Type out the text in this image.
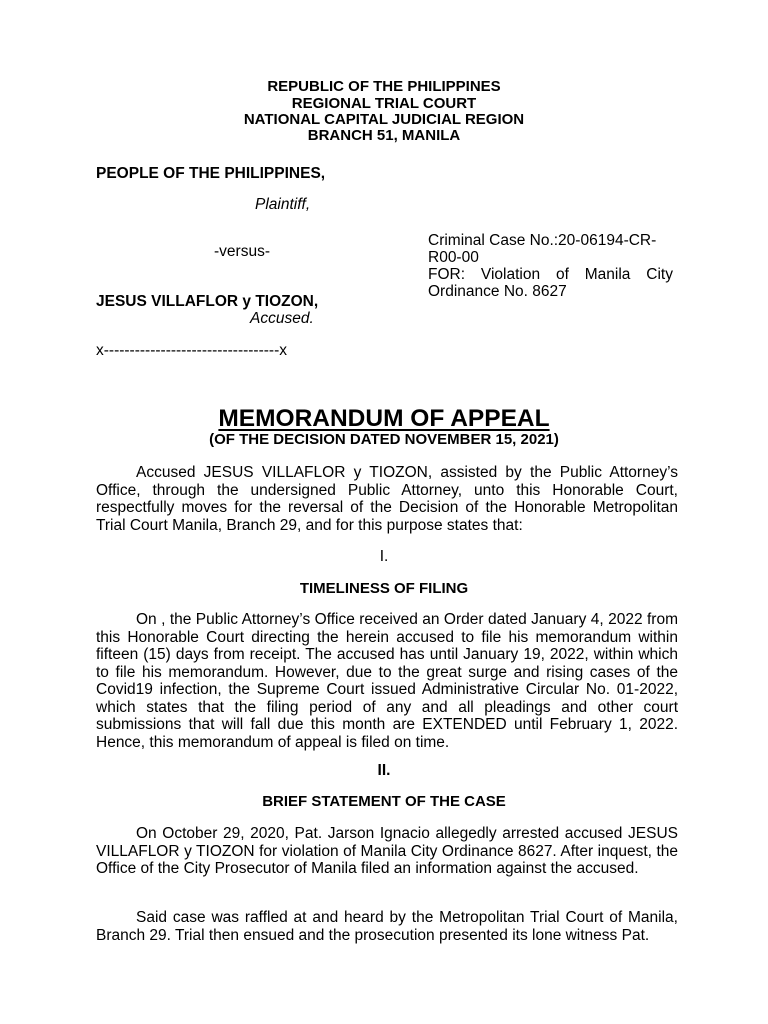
REPUBLIC OF THE PHILIPPINES
REGIONAL TRIAL COURT
NATIONAL CAPITAL JUDICIAL REGION
BRANCH 51, MANILA
PEOPLE OF THE PHILIPPINES,
Plaintiff,
-versus-
JESUS VILLAFLOR y TIOZON,
Accused.
x----------------------------------x
Criminal Case No.:20-06194-CR-
R00-00
FOR: Violation of Manila City
Ordinance No. 8627
MEMORANDUM OF APPEAL
(OF THE DECISION DATED NOVEMBER 15, 2021)
Accused JESUS VILLAFLOR y TIOZON, assisted by the Public Attorney’s Office, through the undersigned Public Attorney, unto this Honorable Court, respectfully moves for the reversal of the Decision of the Honorable Metropolitan Trial Court Manila, Branch 29, and for this purpose states that:
I.
TIMELINESS OF FILING
On , the Public Attorney’s Office received an Order dated January 4, 2022 from this Honorable Court directing the herein accused to file his memorandum within fifteen (15) days from receipt. The accused has until January 19, 2022, within which to file his memorandum. However, due to the great surge and rising cases of the Covid19 infection, the Supreme Court issued Administrative Circular No. 01-2022, which states that the filing period of any and all pleadings and other court submissions that will fall due this month are EXTENDED until February 1, 2022. Hence, this memorandum of appeal is filed on time.
II.
BRIEF STATEMENT OF THE CASE
On October 29, 2020, Pat. Jarson Ignacio allegedly arrested accused JESUS VILLAFLOR y TIOZON for violation of Manila City Ordinance 8627. After inquest, the Office of the City Prosecutor of Manila filed an information against the accused.
Said case was raffled at and heard by the Metropolitan Trial Court of Manila, Branch 29. Trial then ensued and the prosecution presented its lone witness Pat.
